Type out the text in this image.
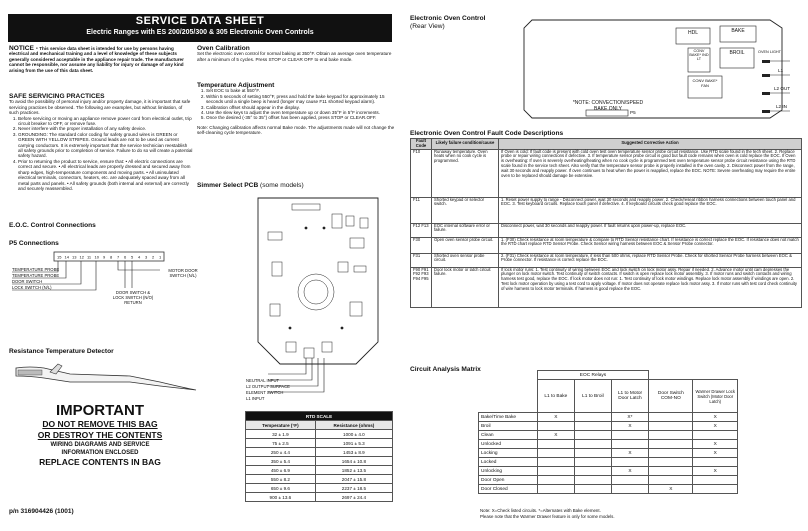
SERVICE DATA SHEET
Electric Ranges with ES 200/205/300 & 305 Electronic Oven Controls
NOTICE - This service data sheet is intended for use by persons having electrical and mechanical training and a level of knowledge of these subjects generally considered acceptable in the appliance repair trade. The manufacturer cannot be responsible, nor assume any liability for injury or damage of any kind arising from the use of this data sheet.
SAFE SERVICING PRACTICES
To avoid the possibility of personal injury and/or property damage, it is important that safe servicing practices be observed. The following are examples, but without limitation, of such practices.
1. Before servicing or moving an appliance remove power cord from electrical outlet, trip circuit breaker to OFF, or remove fuse.
2. Never interfere with the proper installation of any safety device.
3. GROUNDING: The standard color coding for safety ground wires is GREEN or GREEN WITH YELLOW STRIPES. Ground leads are not to be used as current carrying conductors. It is extremely important that the service technician reestablish all safety grounds prior to completion of service. Failure to do so will create a potential safety hazard.
4. Prior to returning the product to service, ensure that: • All electric connections are correct and secure. • All electrical leads are properly dressed and secured away from sharp edges, high-temperature components and moving parts. • All uninsulated electrical terminals, connectors, heaters, etc. are adequately spaced away from all metal parts and panels. • All safety grounds (both internal and external) are correctly and securely reassembled.
E.O.C. Control Connections
P5 Connections
15 14 13 12 11 10 9 8 7 6 5 4 3 2 1
TEMPERATURE PROBE
TEMPERATURE PROBE
DOOR SWITCH
LOCK SWITCH (N/L)
MOTOR DOOR SWITCH (N/L)
DOOR SWITCH & LOCK SWITCH (N/O) RETURN
Resistance Temperature Detector
IMPORTANT
DO NOT REMOVE THIS BAG
OR DESTROY THE CONTENTS
WIRING DIAGRAMS AND SERVICE
INFORMATION ENCLOSED
REPLACE CONTENTS IN BAG
p/n 316904426 (1001)
Oven Calibration
Set the electronic oven control for normal baking at 350°F. Obtain an average oven temperature after a minimum of 5 cycles. Press STOP or CLEAR OFF to end bake mode.
Temperature Adjustment
1. Set EOC to bake at 550°F.
2. Within 5 seconds of setting 550°F, press and hold the bake keypad for approximately 15 seconds until a single beep is heard (longer may cause F11 shorted keypad alarm).
3. Calibration offset should appear in the display.
4. Use the slew keys to adjust the oven temperature up or down 35°F in 5°F increments.
5. Once the desired (-35° to 35°) offset has been applied, press STOP or CLEAR.OFF.
Note: Changing calibration affects normal Bake mode. The adjustments made will not change the self-cleaning cycle temperature.
Simmer Select PCB (some models)
NEUTRAL INPUT
L2 OUTPUT SURFACE
ELEMENT SWITCH
L1 INPUT
RTD SCALE	
Temperature (°F)	Resistance (ohms)
32 ± 1.9	1000 ± 4.0
75 ± 2.5	1091 ± 5.3
250 ± 4.4	1453 ± 8.9
350 ± 5.4	1654 ± 10.8
450 ± 6.9	1852 ± 13.5
550 ± 8.2	2047 ± 15.8
650 ± 9.6	2237 ± 18.5
900 ± 13.6	2697 ± 24.4
Electronic Oven Control
(Rear View)
HDL	BAKE
CONV BAKE* IND LT
BROIL
CONV BAKE* FAN
OVEN LIGHT
L1
L2 OUT
L2 IN
*NOTE: CONVECTION/SPEED BAKE ONLY
P5
Electronic Oven Control Fault Code Descriptions
Fault Code	Likely failure condition/cause	Suggested Corrective Action
F10	Runaway temperature. Oven heats when no cook cycle is programmed.	If Oven is cold: If fault code is present with cold oven test oven temperature sensor probe circuit resistance. Use RTD scale found in the tech sheet. 2. Replace probe or repair wiring connections if defective. 3. If temperature sensor probe circuit is good but fault code remains when oven is cold replace the EOC. If Oven is overheating: If oven is severely overheating/heating when no cook cycle is programmed test oven temperature sensor probe circuit resistance using the RTD scale found in the service tech sheet. Also verify that the temperature sensor probe is properly installed in the oven cavity. 2. Disconnect power from the range, wait 30 seconds and reapply power. If oven continues to heat when the power is reapplied, replace the EOC. NOTE: Severe overheating may require the entire oven to be replaced should damage be extensive.
F11	Shorted keypad or selector switch.	1. Reset power supply to range - Disconnect power, wait 30 seconds and reapply power. 2. Check/reseat ribbon harness connections between touch panel and EOC. 3. Test keyboard circuits. Replace touch panel if defective. 4. If keyboard circuits check good replace the EOC.
F12 F13	EOC internal software error or failure.	Disconnect power, wait 30 seconds and reapply power. If fault returns upon power-up, replace EOC.
F30	Open oven sensor probe circuit.	1. (F30) Check resistance at room temperature & compare to RTD Sensor resistance chart. If resistance is correct replace the EOC. If resistance does not match the RTD chart replace RTD Sensor Probe. Check Sensor wiring harness between EOC & Sensor Probe connector.
F31	Shorted oven sensor probe circuit.	2. (F31) Check resistance at room temperature, if less than 500 ohms, replace RTD Sensor Probe. Check for shorted Sensor Probe harness between EOC & Probe connector. If resistance is correct replace the EOC.
F90 F91 F92 F93 F94 F95	Door lock motor or latch circuit failure.	If lock motor runs: 1. Test continuity of wiring between EOC and lock switch on lock motor assy. Repair if needed. 2. Advance motor until cam depresses the plunger on lock motor switch. Test continuity of switch contacts. If switch is open replace lock motor assembly. 3. If motor runs and switch contacts and wiring harness test good, replace the EOC. If lock motor does not run: 1. Test continuity of lock motor windings. Replace lock motor assembly if windings are open. 2. Test lock motor operation by using a test cord to apply voltage. If motor does not operate replace lock motor assy. 3. If motor runs with test cord check continuity of wire harness to lock motor terminals. If harness is good replace the EOC.
Circuit Analysis Matrix
	EOC Relays				
	L1 to Bake	L1 to Broil	L1 to Motor Door Latch	Door Switch COM-NO	Warmer Drawer Lock Switch (Motor Door Latch)
Bake/Time Bake	X		X*		X
Broil			X		X
Clean	X				
Unlocked					X
Locking			X		X
Locked					
Unlocking			X		X
Door Open					
Door Closed				X	
Note: X=Check listed circuits. *=Alternates with Bake element.
Please note that the Warmer Drawer feature is only for some models.
